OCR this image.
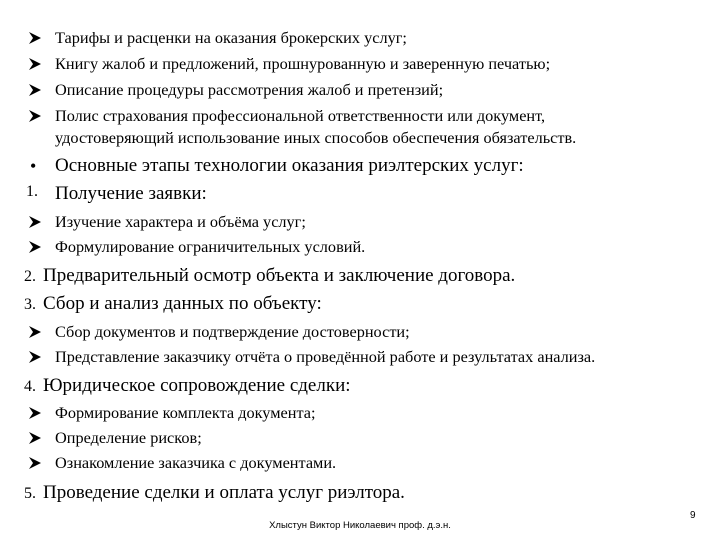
Тарифы и расценки на оказания брокерских услуг;
Книгу жалоб и предложений, прошнурованную и заверенную печатью;
Описание процедуры рассмотрения жалоб и претензий;
Полис страхования профессиональной ответственности или документ,
удостоверяющий использование иных способов обеспечения обязательств.
• Основные этапы технологии оказания риэлтерских услуг:
1. Получение заявки:
Изучение характера и объёма услуг;
Формулирование ограничительных условий.
2. Предварительный осмотр объекта и заключение договора.
3. Сбор и анализ данных по объекту:
Сбор документов и подтверждение достоверности;
Представление заказчику отчёта о проведённой работе и результатах анализа.
4. Юридическое сопровождение сделки:
Формирование комплекта документа;
Определение рисков;
Ознакомление заказчика с документами.
5. Проведение сделки и оплата услуг риэлтора.
Хлыстун Виктор Николаевич проф. д.э.н.
9
